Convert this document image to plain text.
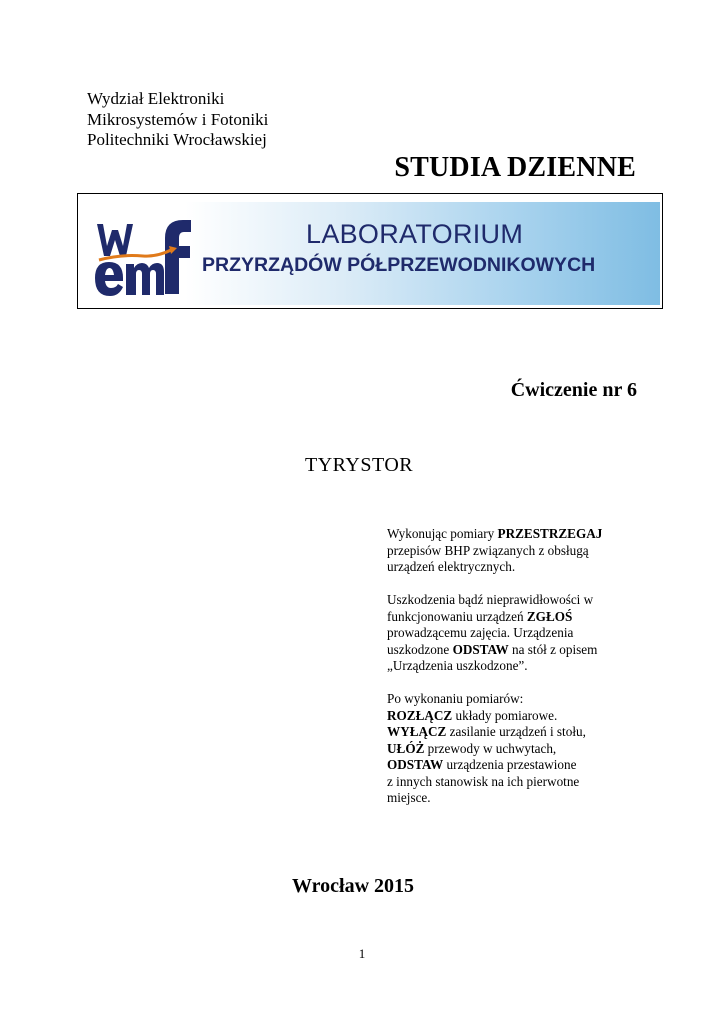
Wydział Elektroniki
Mikrosystemów i Fotoniki
Politechniki Wrocławskiej
STUDIA DZIENNE
LABORATORIUM
PRZYRZĄDÓW PÓŁPRZEWODNIKOWYCH
Ćwiczenie nr 6
TYRYSTOR

Wykonując pomiary PRZESTRZEGAJ
przepisów BHP związanych z obsługą
urządzeń elektrycznych.

Uszkodzenia bądź nieprawidłowości w
funkcjonowaniu urządzeń ZGŁOŚ
prowadzącemu zajęcia. Urządzenia
uszkodzone ODSTAW na stół z opisem
„Urządzenia uszkodzone”.

Po wykonaniu pomiarów:
ROZŁĄCZ układy pomiarowe.
WYŁĄCZ zasilanie urządzeń i stołu,
UŁÓŻ przewody w uchwytach,
ODSTAW urządzenia przestawione
z innych stanowisk na ich pierwotne
miejsce.

Wrocław 2015
1
